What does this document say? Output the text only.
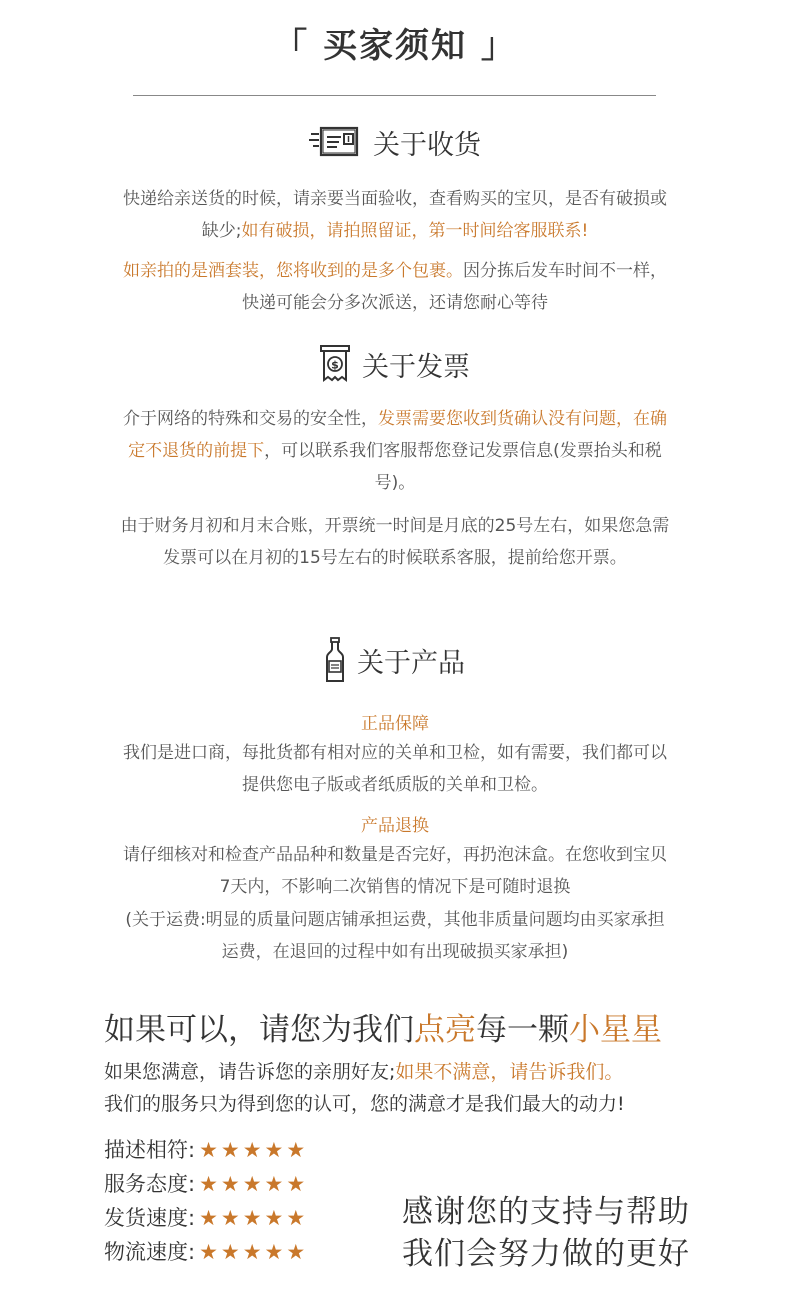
「 买家须知 」
关于收货
快递给亲送货的时候，请亲要当面验收，查看购买的宝贝，是否有破损或缺少;如有破损，请拍照留证，第一时间给客服联系!
如亲拍的是酒套装，您将收到的是多个包裹。因分拣后发车时间不一样，快递可能会分多次派送，还请您耐心等待
$ 关于发票
介于网络的特殊和交易的安全性，发票需要您收到货确认没有问题，在确定不退货的前提下，可以联系我们客服帮您登记发票信息(发票抬头和税号)。
由于财务月初和月末合账，开票统一时间是月底的25号左右，如果您急需发票可以在月初的15号左右的时候联系客服，提前给您开票。
关于产品
正品保障
我们是进口商，每批货都有相对应的关单和卫检，如有需要，我们都可以提供您电子版或者纸质版的关单和卫检。
产品退换
请仔细核对和检查产品品种和数量是否完好，再扔泡沫盒。在您收到宝贝7天内，不影响二次销售的情况下是可随时退换
(关于运费:明显的质量问题店铺承担运费，其他非质量问题均由买家承担运费，在退回的过程中如有出现破损买家承担)
如果可以，请您为我们点亮每一颗小星星
如果您满意，请告诉您的亲朋好友;如果不满意，请告诉我们。
我们的服务只为得到您的认可，您的满意才是我们最大的动力!
描述相符: ★★★★★
服务态度: ★★★★★
发货速度: ★★★★★
物流速度: ★★★★★
感谢您的支持与帮助
我们会努力做的更好
